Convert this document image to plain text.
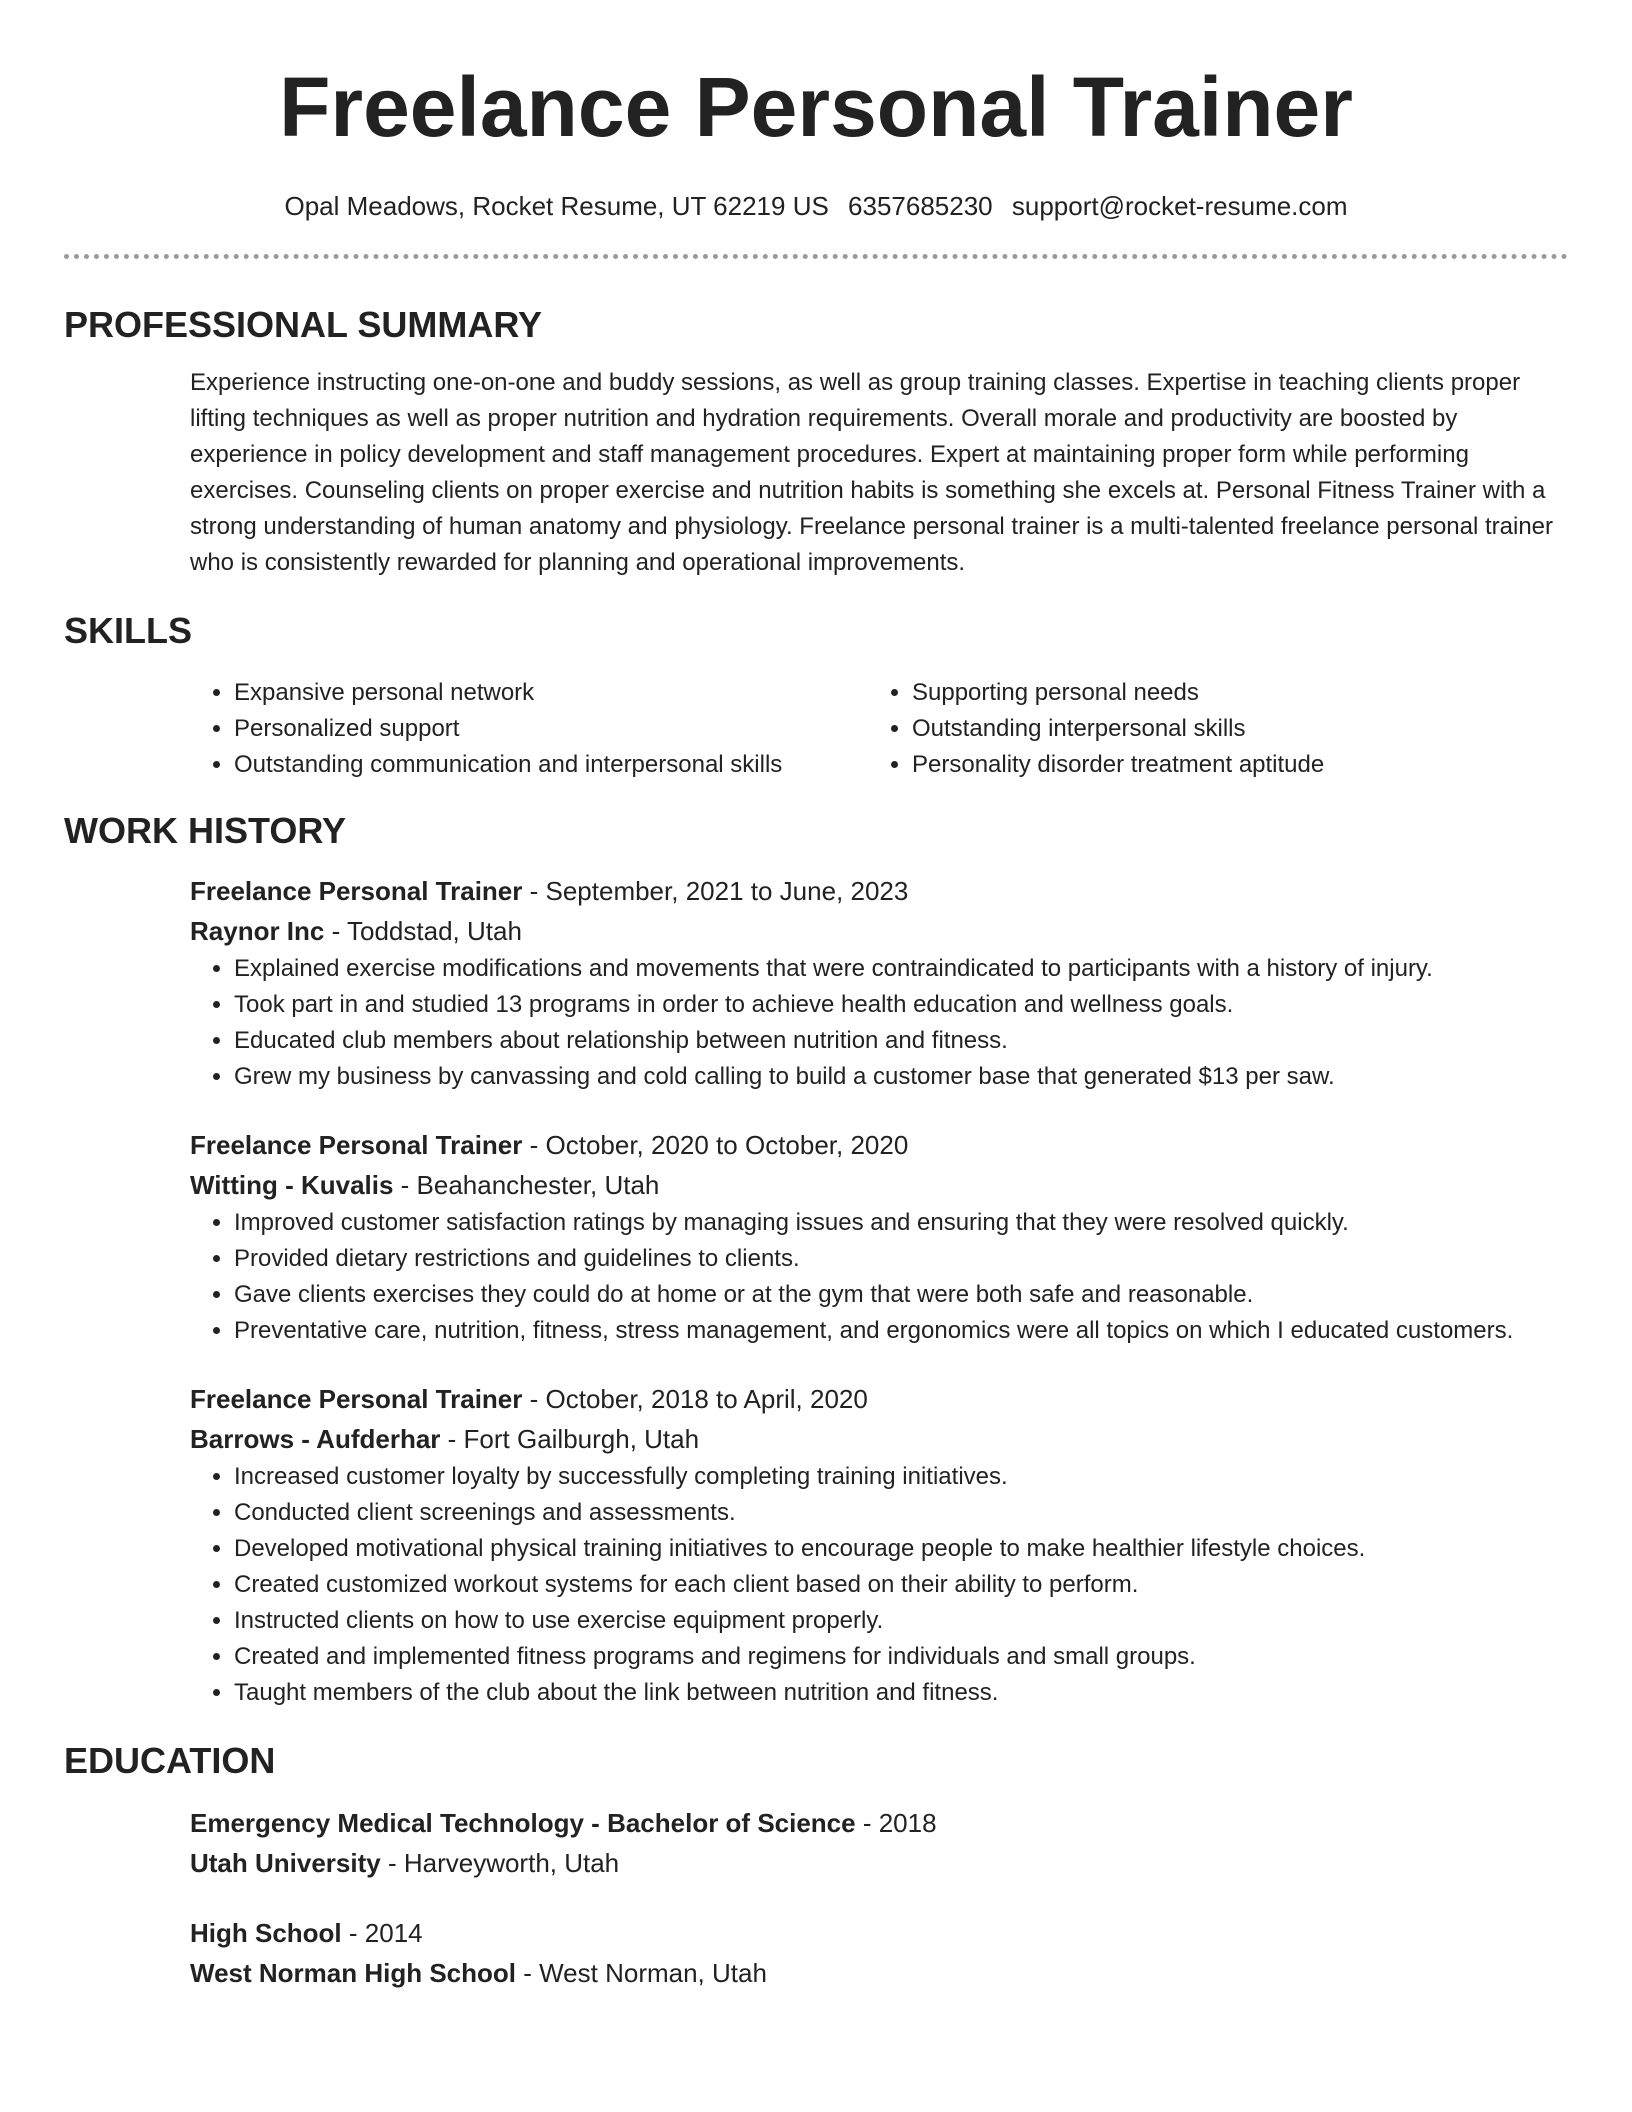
Freelance Personal Trainer
Opal Meadows, Rocket Resume, UT 62219 US 6357685230 support@rocket-resume.com
PROFESSIONAL SUMMARY
Experience instructing one-on-one and buddy sessions, as well as group training classes. Expertise in teaching clients proper lifting techniques as well as proper nutrition and hydration requirements. Overall morale and productivity are boosted by experience in policy development and staff management procedures. Expert at maintaining proper form while performing exercises. Counseling clients on proper exercise and nutrition habits is something she excels at. Personal Fitness Trainer with a strong understanding of human anatomy and physiology. Freelance personal trainer is a multi-talented freelance personal trainer who is consistently rewarded for planning and operational improvements.
SKILLS
• Expansive personal network
• Personalized support
• Outstanding communication and interpersonal skills
• Supporting personal needs
• Outstanding interpersonal skills
• Personality disorder treatment aptitude
WORK HISTORY
Freelance Personal Trainer - September, 2021 to June, 2023
Raynor Inc - Toddstad, Utah
• Explained exercise modifications and movements that were contraindicated to participants with a history of injury.
• Took part in and studied 13 programs in order to achieve health education and wellness goals.
• Educated club members about relationship between nutrition and fitness.
• Grew my business by canvassing and cold calling to build a customer base that generated $13 per saw.
Freelance Personal Trainer - October, 2020 to October, 2020
Witting - Kuvalis - Beahanchester, Utah
• Improved customer satisfaction ratings by managing issues and ensuring that they were resolved quickly.
• Provided dietary restrictions and guidelines to clients.
• Gave clients exercises they could do at home or at the gym that were both safe and reasonable.
• Preventative care, nutrition, fitness, stress management, and ergonomics were all topics on which I educated customers.
Freelance Personal Trainer - October, 2018 to April, 2020
Barrows - Aufderhar - Fort Gailburgh, Utah
• Increased customer loyalty by successfully completing training initiatives.
• Conducted client screenings and assessments.
• Developed motivational physical training initiatives to encourage people to make healthier lifestyle choices.
• Created customized workout systems for each client based on their ability to perform.
• Instructed clients on how to use exercise equipment properly.
• Created and implemented fitness programs and regimens for individuals and small groups.
• Taught members of the club about the link between nutrition and fitness.
EDUCATION
Emergency Medical Technology - Bachelor of Science - 2018
Utah University - Harveyworth, Utah
High School - 2014
West Norman High School - West Norman, Utah
